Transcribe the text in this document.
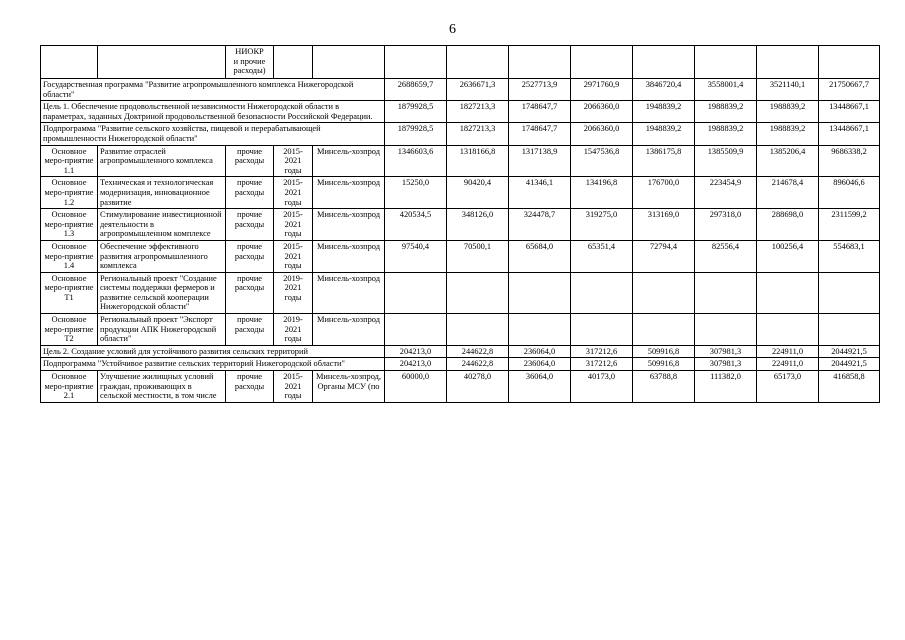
6
		НИОКР
и прочие
расходы)										
Государственная программа "Развитие агропромышленного комплекса Нижегородской области"					2688659,7	2636671,3	2527713,9	2971760,9	3846720,4	3558001,4	3521140,1	21750667,7
Цель 1. Обеспечение продовольственной независимости Нижегородской области в параметрах, заданных Доктриной продовольственной безопасности Российской Федерации.					1879928,5	1827213,3	1748647,7	2066360,0	1948839,2	1988839,2	1988839,2	13448667,1
Подпрограмма "Развитие сельского хозяйства, пищевой и перерабатывающей промышленности Нижегородской области"					1879928,5	1827213,3	1748647,7	2066360,0	1948839,2	1988839,2	1988839,2	13448667,1
Основное меро-приятие 1.1	Развитие отраслей агропромышленного комплекса	прочие расходы	2015-2021 годы	Минсель-хозпрод	1346603,6	1318166,8	1317138,9	1547536,8	1386175,8	1385509,9	1385206,4	9686338,2
Основное меро-приятие 1.2	Техническая и технологическая модернизация, инновационное развитие	прочие расходы	2015-2021 годы	Минсель-хозпрод	15250,0	90420,4	41346,1	134196,8	176700,0	223454,9	214678,4	896046,6
Основное меро-приятие 1.3	Стимулирование инвестиционной деятельности в агропромышленном комплексе	прочие расходы	2015-2021 годы	Минсель-хозпрод	420534,5	348126,0	324478,7	319275,0	313169,0	297318,0	288698,0	2311599,2
Основное меро-приятие 1.4	Обеспечение эффективного развития агропромышленного комплекса	прочие расходы	2015-2021 годы	Минсель-хозпрод	97540,4	70500,1	65684,0	65351,4	72794,4	82556,4	100256,4	554683,1
Основное меро-приятие Т1	Региональный проект "Создание системы поддержки фермеров и развитие сельской кооперации Нижегородской области"	прочие расходы	2019-2021 годы	Минсель-хозпрод								
Основное меро-приятие Т2	Региональный проект "Экспорт продукции АПК Нижегородской области"	прочие расходы	2019-2021 годы	Минсель-хозпрод								
Цель 2. Создание условий для устойчивого развития сельских территорий					204213,0	244622,8	236064,0	317212,6	509916,8	307981,3	224911,0	2044921,5
Подпрограмма "Устойчивое развитие сельских территорий Нижегородской области"					204213,0	244622,8	236064,0	317212,6	509916,8	307981,3	224911,0	2044921,5
Основное меро-приятие 2.1	Улучшение жилищных условий граждан, проживающих в сельской местности, в том числе	прочие расходы	2015-2021 годы	Минсель-хозпрод, Органы МСУ (по	60000,0	40278,0	36064,0	40173,0	63788,8	111382,0	65173,0	416858,8
